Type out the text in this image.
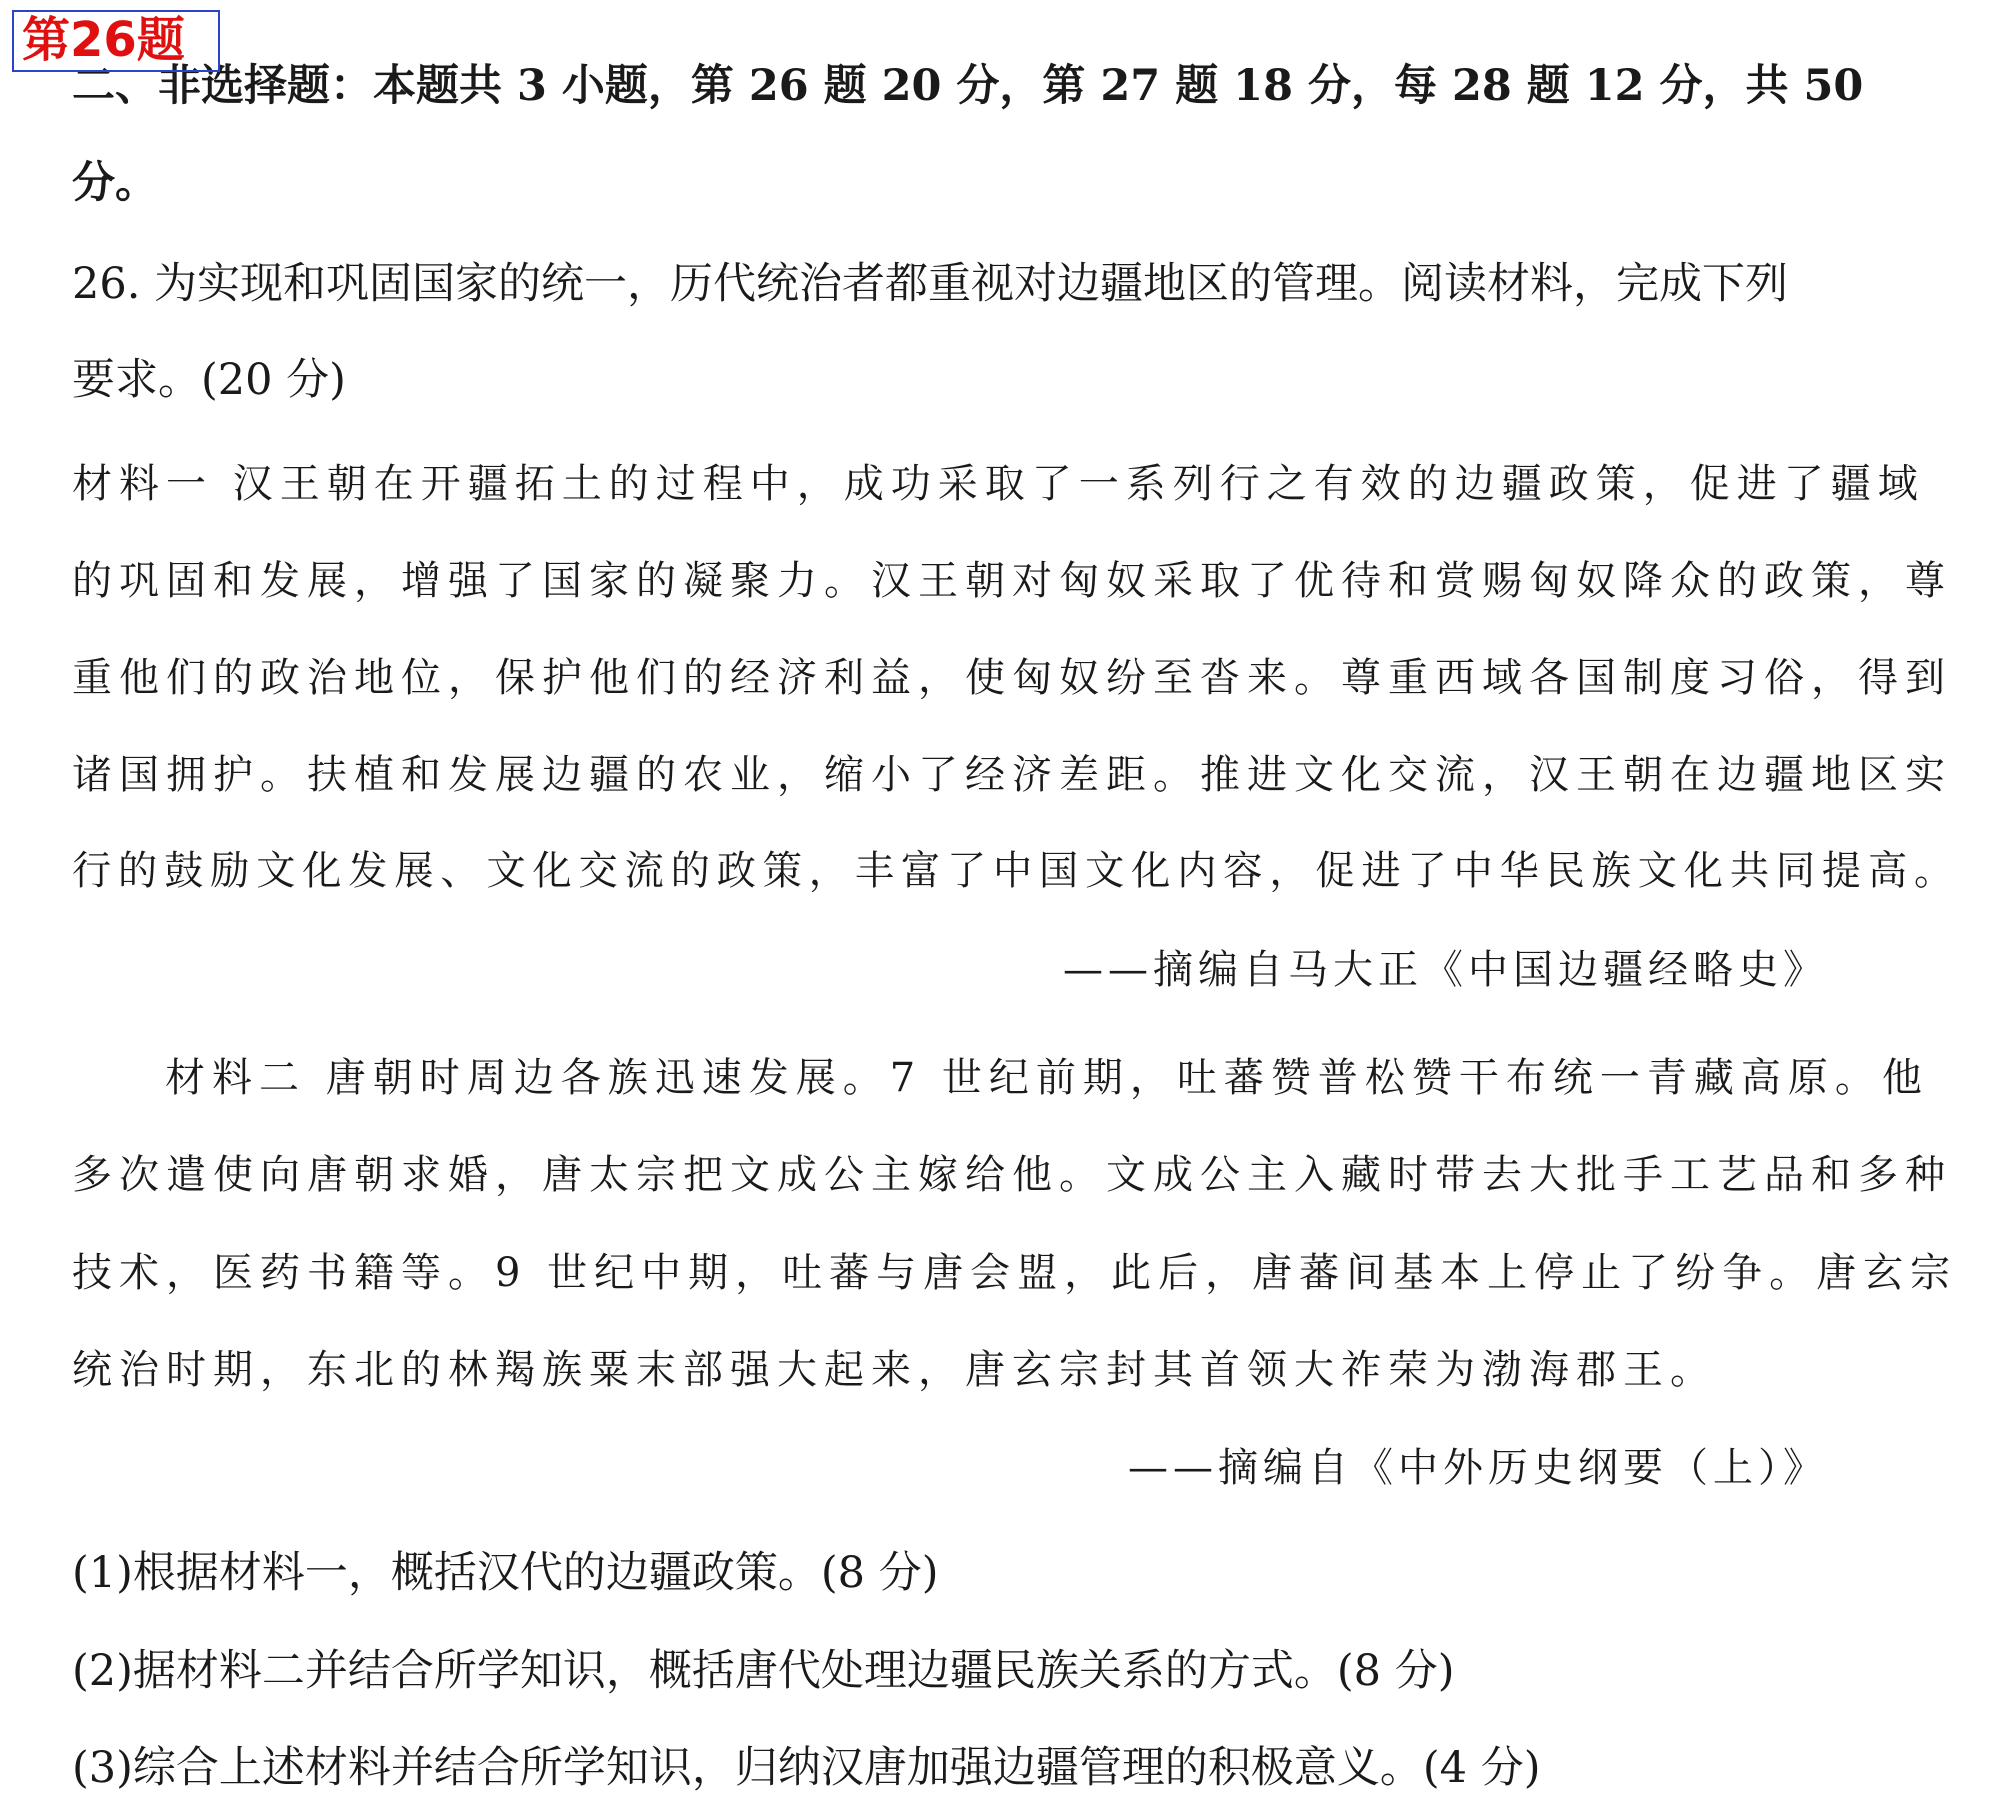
二、非选择题：本题共 3 小题，第 26 题 20 分，第 27 题 18 分，每 28 题 12 分，共 50
分。
第26题
26. 为实现和巩固国家的统一，历代统治者都重视对边疆地区的管理。阅读材料，完成下列
要求。(20 分)
材料一 汉王朝在开疆拓土的过程中，成功采取了一系列行之有效的边疆政策，促进了疆域
的巩固和发展，增强了国家的凝聚力。汉王朝对匈奴采取了优待和赏赐匈奴降众的政策，尊
重他们的政治地位，保护他们的经济利益，使匈奴纷至沓来。尊重西域各国制度习俗，得到
诸国拥护。扶植和发展边疆的农业，缩小了经济差距。推进文化交流，汉王朝在边疆地区实
行的鼓励文化发展、文化交流的政策，丰富了中国文化内容，促进了中华民族文化共同提高。
——摘编自马大正《中国边疆经略史》
材料二 唐朝时周边各族迅速发展。7 世纪前期，吐蕃赞普松赞干布统一青藏高原。他
多次遣使向唐朝求婚，唐太宗把文成公主嫁给他。文成公主入藏时带去大批手工艺品和多种
技术，医药书籍等。9 世纪中期，吐蕃与唐会盟，此后，唐蕃间基本上停止了纷争。唐玄宗
统治时期，东北的林羯族粟末部强大起来，唐玄宗封其首领大祚荣为渤海郡王。
——摘编自《中外历史纲要（上）》
(1)根据材料一，概括汉代的边疆政策。(8 分)
(2)据材料二并结合所学知识，概括唐代处理边疆民族关系的方式。(8 分)
(3)综合上述材料并结合所学知识，归纳汉唐加强边疆管理的积极意义。(4 分)
